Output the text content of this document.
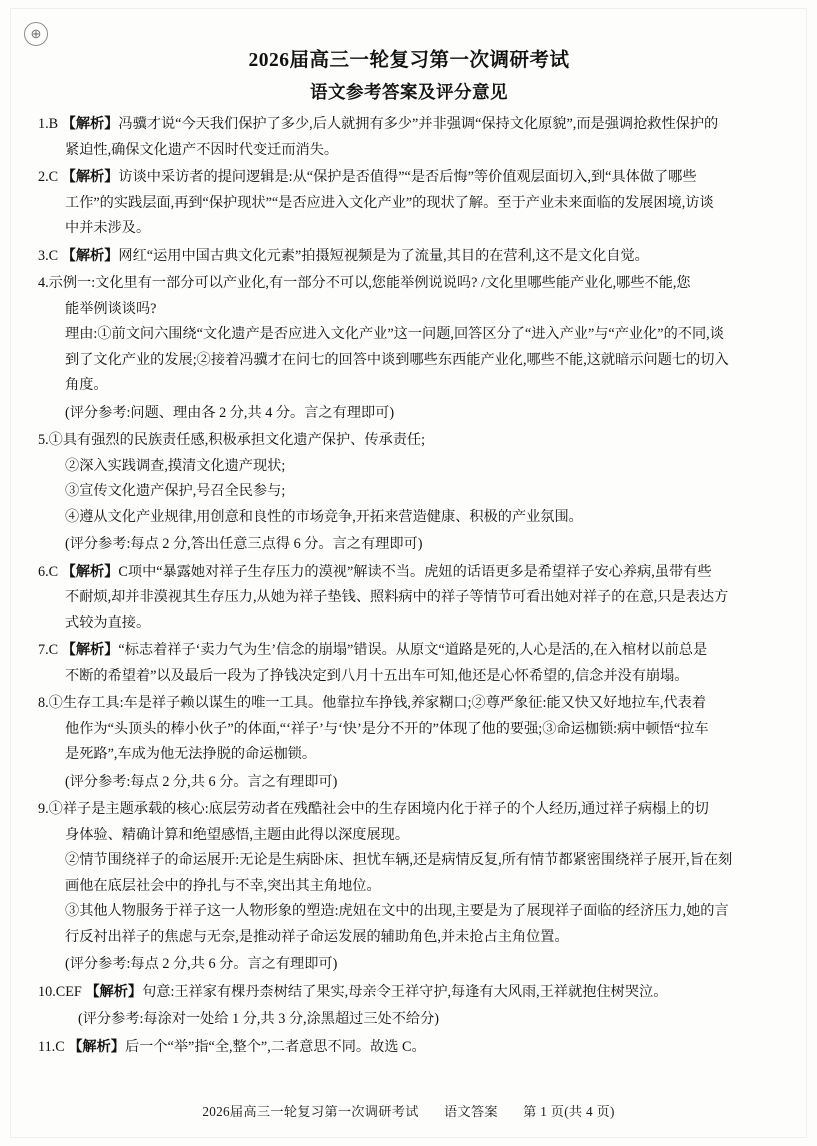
⊕
2026届高三一轮复习第一次调研考试
语文参考答案及评分意见
1.B 【解析】冯骥才说“今天我们保护了多少,后人就拥有多少”并非强调“保持文化原貌”,而是强调抢救性保护的
紧迫性,确保文化遗产不因时代变迁而消失。
2.C 【解析】访谈中采访者的提问逻辑是:从“保护是否值得”“是否后悔”等价值观层面切入,到“具体做了哪些
工作”的实践层面,再到“保护现状”“是否应进入文化产业”的现状了解。至于产业未来面临的发展困境,访谈
中并未涉及。
3.C 【解析】网红“运用中国古典文化元素”拍摄短视频是为了流量,其目的在营利,这不是文化自觉。
4.示例一:文化里有一部分可以产业化,有一部分不可以,您能举例说说吗? /文化里哪些能产业化,哪些不能,您
能举例谈谈吗?
理由:①前文问六围绕“文化遗产是否应进入文化产业”这一问题,回答区分了“进入产业”与“产业化”的不同,谈
到了文化产业的发展;②接着冯骥才在问七的回答中谈到哪些东西能产业化,哪些不能,这就暗示问题七的切入
角度。
(评分参考:问题、理由各 2 分,共 4 分。言之有理即可)
5.①具有强烈的民族责任感,积极承担文化遗产保护、传承责任;
②深入实践调查,摸清文化遗产现状;
③宣传文化遗产保护,号召全民参与;
④遵从文化产业规律,用创意和良性的市场竞争,开拓来营造健康、积极的产业氛围。
(评分参考:每点 2 分,答出任意三点得 6 分。言之有理即可)
6.C 【解析】C项中“暴露她对祥子生存压力的漠视”解读不当。虎妞的话语更多是希望祥子安心养病,虽带有些
不耐烦,却并非漠视其生存压力,从她为祥子垫钱、照料病中的祥子等情节可看出她对祥子的在意,只是表达方
式较为直接。
7.C 【解析】“标志着祥子‘卖力气为生’信念的崩塌”错误。从原文“道路是死的,人心是活的,在入棺材以前总是
不断的希望着”以及最后一段为了挣钱决定到八月十五出车可知,他还是心怀希望的,信念并没有崩塌。
8.①生存工具:车是祥子赖以谋生的唯一工具。他靠拉车挣钱,养家糊口;②尊严象征:能又快又好地拉车,代表着
他作为“头顶头的棒小伙子”的体面,“‘祥子’与‘快’是分不开的”体现了他的要强;③命运枷锁:病中顿悟“拉车
是死路”,车成为他无法挣脱的命运枷锁。
(评分参考:每点 2 分,共 6 分。言之有理即可)
9.①祥子是主题承载的核心:底层劳动者在残酷社会中的生存困境内化于祥子的个人经历,通过祥子病榻上的切
身体验、精确计算和绝望感悟,主题由此得以深度展现。
②情节围绕祥子的命运展开:无论是生病卧床、担忧车辆,还是病情反复,所有情节都紧密围绕祥子展开,旨在刻
画他在底层社会中的挣扎与不幸,突出其主角地位。
③其他人物服务于祥子这一人物形象的塑造:虎妞在文中的出现,主要是为了展现祥子面临的经济压力,她的言
行反衬出祥子的焦虑与无奈,是推动祥子命运发展的辅助角色,并未抢占主角位置。
(评分参考:每点 2 分,共 6 分。言之有理即可)
10.CEF 【解析】句意:王祥家有棵丹柰树结了果实,母亲令王祥守护,每逢有大风雨,王祥就抱住树哭泣。
(评分参考:每涂对一处给 1 分,共 3 分,涂黑超过三处不给分)
11.C 【解析】后一个“举”指“全,整个”,二者意思不同。故选 C。
2026届高三一轮复习第一次调研考试 语文答案 第 1 页(共 4 页)
